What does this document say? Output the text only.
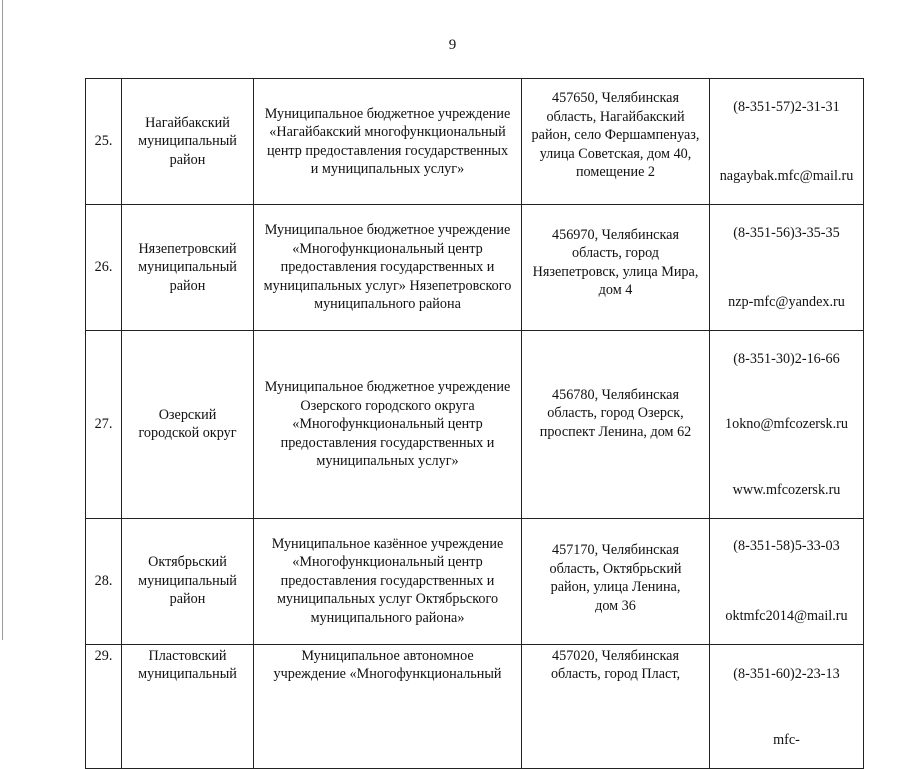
9
25.	Нагайбакский
муниципальный
район	Муниципальное бюджетное учреждение
«Нагайбакский многофункциональный
центр предоставления государственных
и муниципальных услуг»	457650, Челябинская
область, Нагайбакский
район, село Фершампенуаз,
улица Советская, дом 40,
помещение 2	(8-351-57)2-31-31

nagaybak.mfc@mail.ru

26.	Нязепетровский
муниципальный
район	Муниципальное бюджетное учреждение
«Многофункциональный центр
предоставления государственных и
муниципальных услуг» Нязепетровского
муниципального района	456970, Челябинская
область, город
Нязепетровск, улица Мира,
дом 4	(8-351-56)3-35-35

nzp-mfc@yandex.ru

27.	Озерский
городской округ	Муниципальное бюджетное учреждение
Озерского городского округа
«Многофункциональный центр
предоставления государственных и
муниципальных услуг»	456780, Челябинская
область, город Озерск,
проспект Ленина, дом 62	(8-351-30)2-16-66

1okno@mfcozersk.ru

www.mfcozersk.ru

28.	Октябрьский
муниципальный
район	Муниципальное казённое учреждение
«Многофункциональный центр
предоставления государственных и
муниципальных услуг Октябрьского
муниципального района»	457170, Челябинская
область, Октябрьский
район, улица Ленина,
дом 36	(8-351-58)5-33-03

oktmfc2014@mail.ru

29.	Пластовский
муниципальный	Муниципальное автономное
учреждение «Многофункциональный	457020, Челябинская
область, город Пласт,	(8-351-60)2-23-13

mfc-
